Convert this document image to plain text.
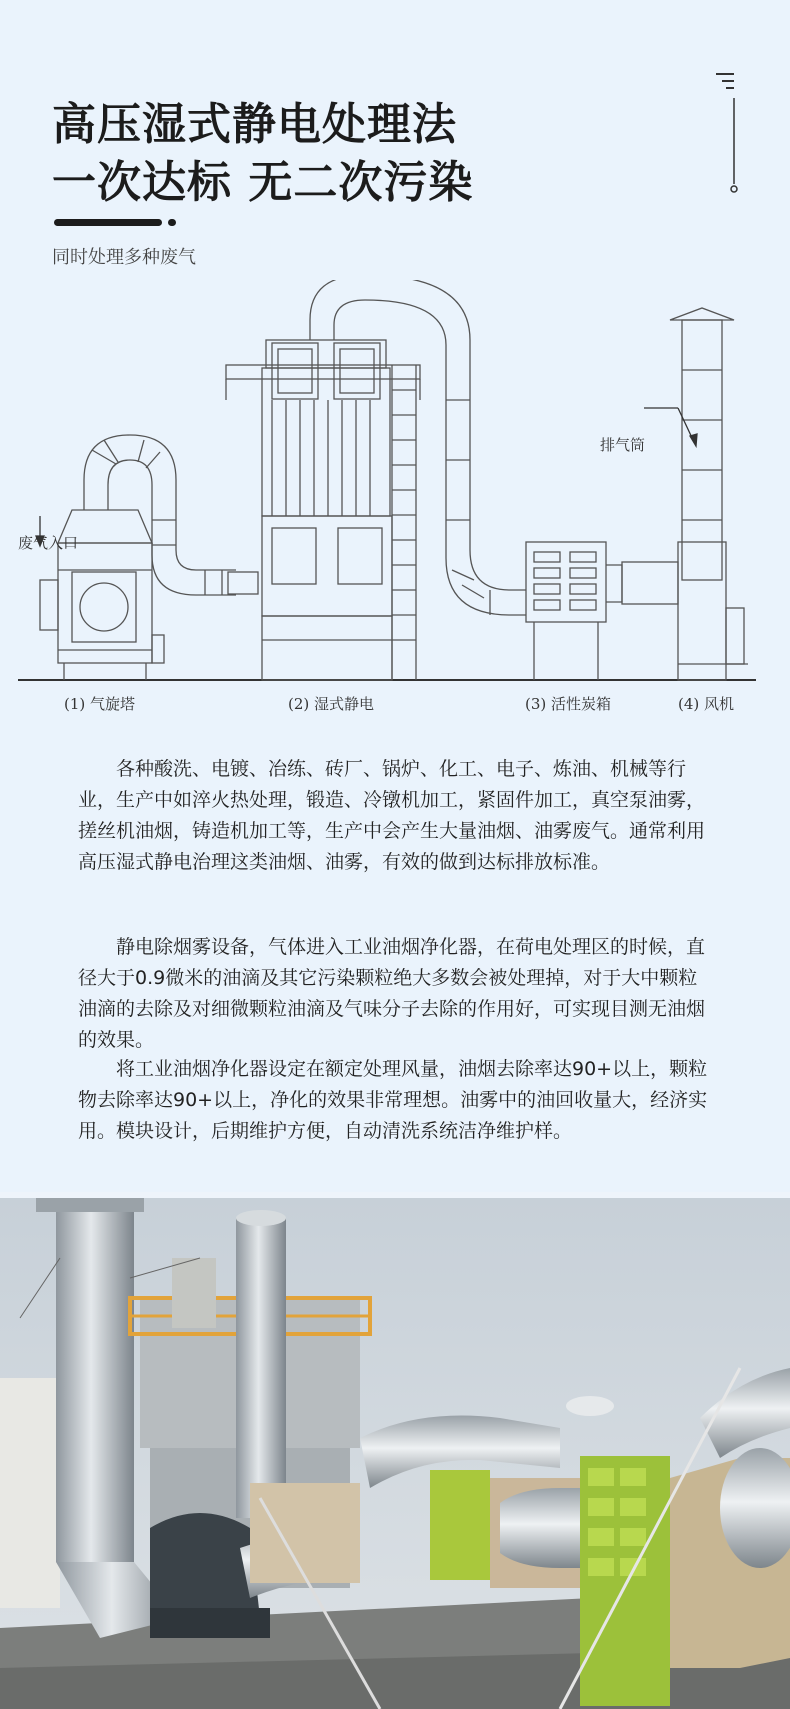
高压湿式静电处理法
一次达标 无二次污染
同时处理多种废气
废气入口
排气筒
(1) 气旋塔	(2) 湿式静电	(3) 活性炭箱	(4) 风机

各种酸洗、电镀、冶练、砖厂、锅炉、化工、电子、炼油、机械等行业，生产中如淬火热处理，锻造、冷镦机加工，紧固件加工，真空泵油雾，搓丝机油烟，铸造机加工等，生产中会产生大量油烟、油雾废气。通常利用高压湿式静电治理这类油烟、油雾，有效的做到达标排放标准。

静电除烟雾设备，气体进入工业油烟净化器，在荷电处理区的时候，直径大于0.9微米的油滴及其它污染颗粒绝大多数会被处理掉，对于大中颗粒油滴的去除及对细微颗粒油滴及气味分子去除的作用好，可实现目测无油烟的效果。

将工业油烟净化器设定在额定处理风量，油烟去除率达90+以上，颗粒物去除率达90+以上，净化的效果非常理想。油雾中的油回收量大，经济实用。模块设计，后期维护方便，自动清洗系统洁净维护样。
